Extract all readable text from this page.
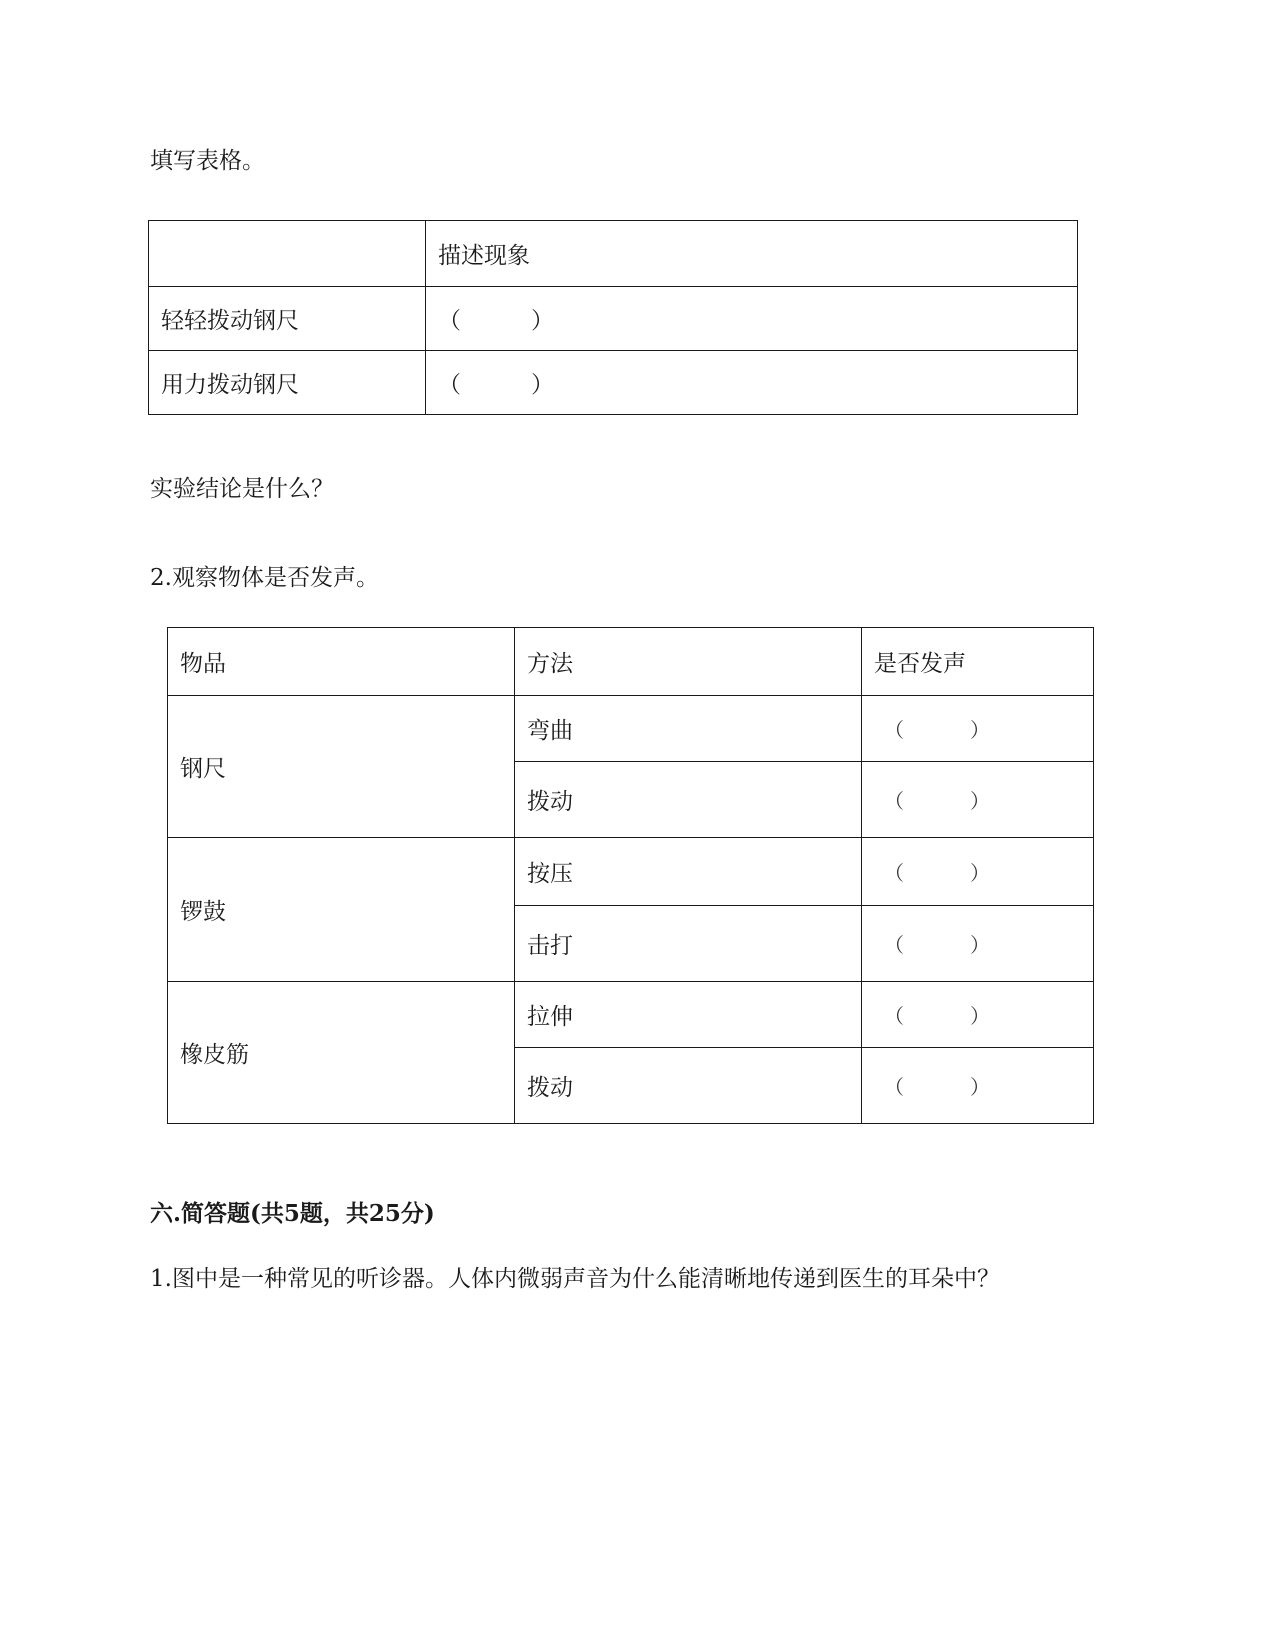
填写表格。
	描述现象
轻轻拨动钢尺	（ ）
用力拨动钢尺	（ ）
实验结论是什么？
2.观察物体是否发声。
物品	方法	是否发声
钢尺	弯曲	（ ）
	拨动	（ ）
锣鼓	按压	（ ）
	击打	（ ）
橡皮筋	拉伸	（ ）
	拨动	（ ）
六.简答题(共5题，共25分)
1.图中是一种常见的听诊器。人体内微弱声音为什么能清晰地传递到医生的耳朵中？
